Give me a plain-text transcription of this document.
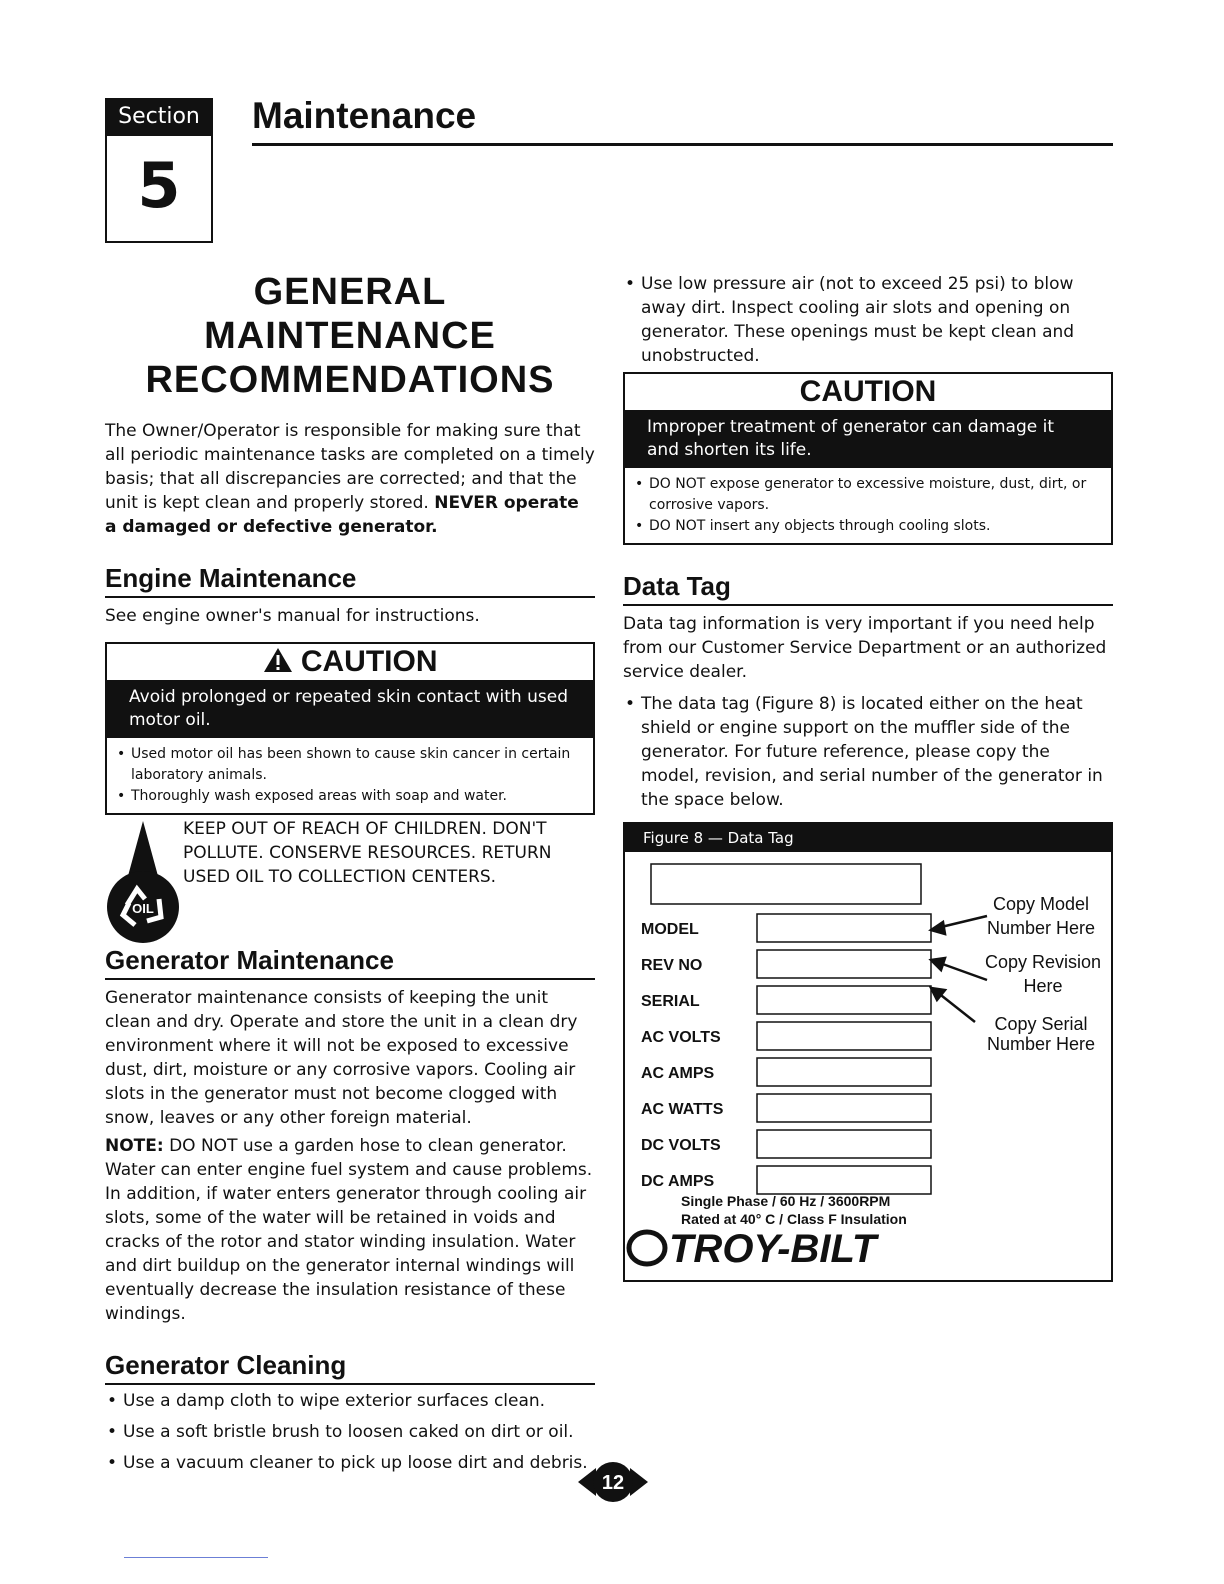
Section
5
Maintenance
GENERAL MAINTENANCE
RECOMMENDATIONS

The Owner/Operator is responsible for making sure that all periodic maintenance tasks are completed on a timely basis; that all discrepancies are corrected; and that the unit is kept clean and properly stored. NEVER operate a damaged or defective generator.

Engine Maintenance

See engine owner's manual for instructions.

CAUTION
Avoid prolonged or repeated skin contact with used motor oil.
• Used motor oil has been shown to cause skin cancer in certain laboratory animals.
• Thoroughly wash exposed areas with soap and water.
OIL

KEEP OUT OF REACH OF CHILDREN. DON'T POLLUTE. CONSERVE RESOURCES. RETURN USED OIL TO COLLECTION CENTERS.

Generator Maintenance

Generator maintenance consists of keeping the unit clean and dry. Operate and store the unit in a clean dry environment where it will not be exposed to excessive dust, dirt, moisture or any corrosive vapors. Cooling air slots in the generator must not become clogged with snow, leaves or any other foreign material.

NOTE: DO NOT use a garden hose to clean generator. Water can enter engine fuel system and cause problems. In addition, if water enters generator through cooling air slots, some of the water will be retained in voids and cracks of the rotor and stator winding insulation. Water and dirt buildup on the generator internal windings will eventually decrease the insulation resistance of these windings.

Generator Cleaning
• Use a damp cloth to wipe exterior surfaces clean.
• Use a soft bristle brush to loosen caked on dirt or oil.
• Use a vacuum cleaner to pick up loose dirt and debris.
• Use low pressure air (not to exceed 25 psi) to blow away dirt. Inspect cooling air slots and opening on generator. These openings must be kept clean and unobstructed.
CAUTION
Improper treatment of generator can damage it and shorten its life.
• DO NOT expose generator to excessive moisture, dust, dirt, or corrosive vapors.
• DO NOT insert any objects through cooling slots.
Data Tag

Data tag information is very important if you need help from our Customer Service Department or an authorized service dealer.

• The data tag (Figure 8) is located either on the heat shield or engine support on the muffler side of the generator. For future reference, please copy the model, revision, and serial number of the generator in the space below.
Figure 8 — Data Tag
MODEL
REV NO
SERIAL
AC VOLTS
AC AMPS
AC WATTS
DC VOLTS
DC AMPS
Copy Model
Number Here
Copy Revision
Here
Copy Serial
Number Here
Single Phase / 60 Hz / 3600RPM
Rated at 40° C / Class F Insulation
TROY-BILT
12
